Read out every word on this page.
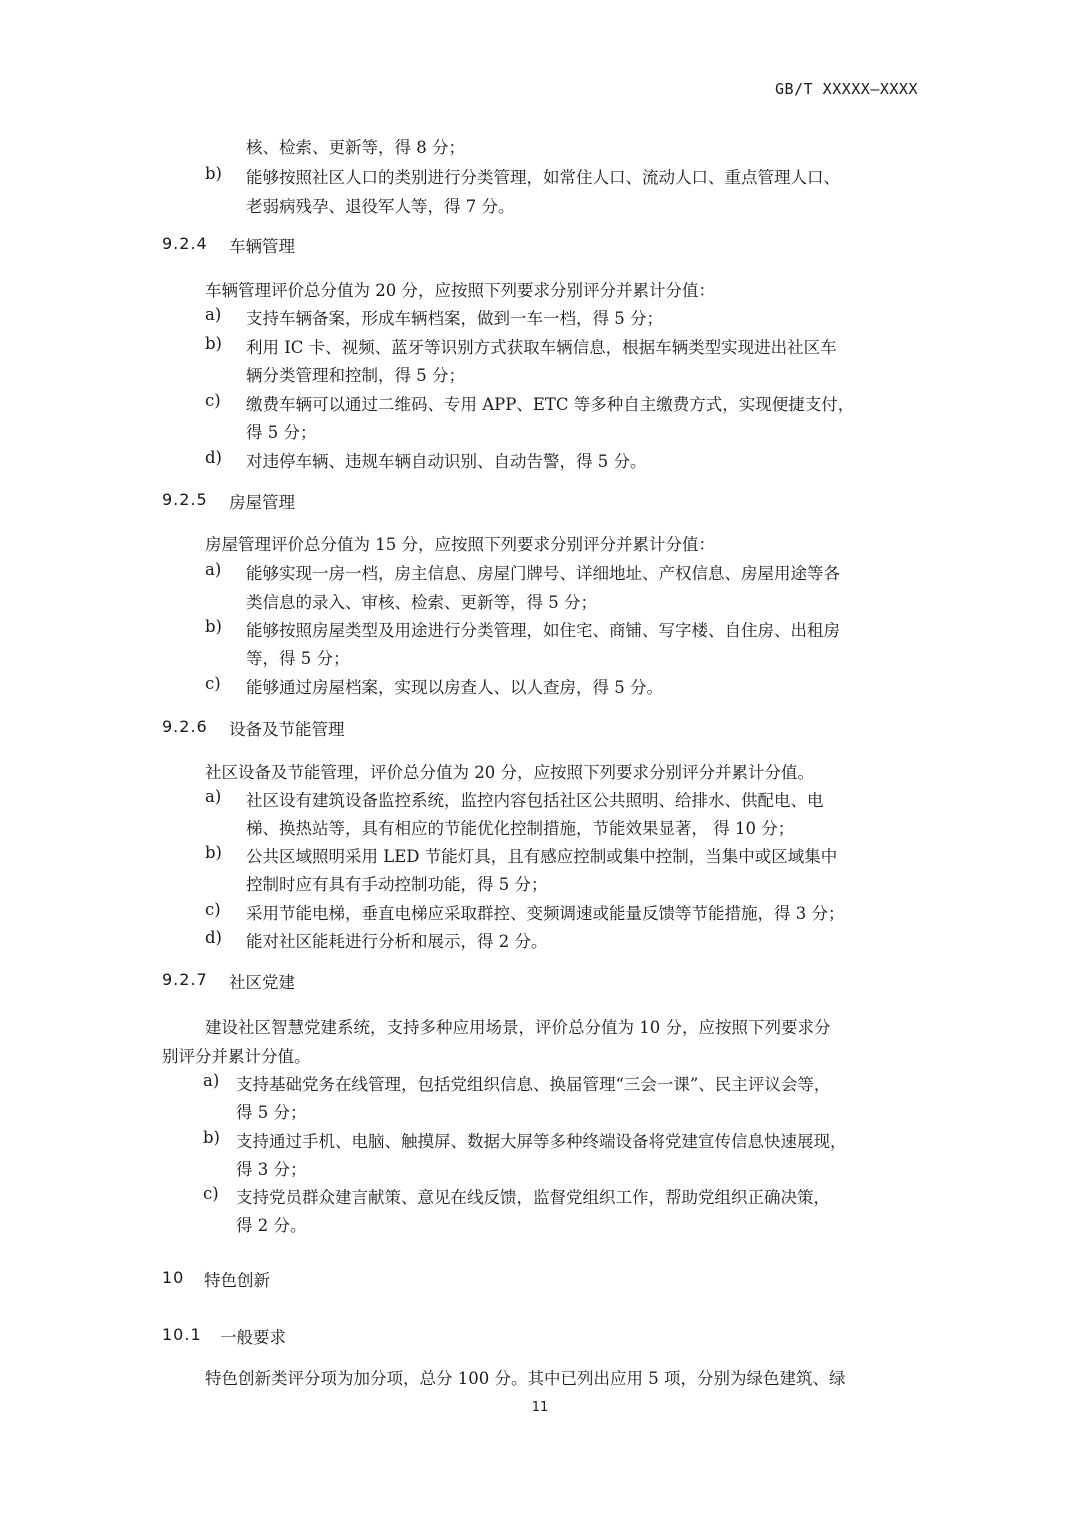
GB/T XXXXX—XXXX
核、检索、更新等，得 8 分；
b) 能够按照社区人口的类别进行分类管理，如常住人口、流动人口、重点管理人口、
老弱病残孕、退役军人等，得 7 分。
9.2.4 车辆管理
车辆管理评价总分值为 20 分，应按照下列要求分别评分并累计分值：
a) 支持车辆备案，形成车辆档案，做到一车一档，得 5 分；
b) 利用 IC 卡、视频、蓝牙等识别方式获取车辆信息，根据车辆类型实现进出社区车
辆分类管理和控制，得 5 分；
c) 缴费车辆可以通过二维码、专用 APP、ETC 等多种自主缴费方式，实现便捷支付，
得 5 分；
d) 对违停车辆、违规车辆自动识别、自动告警，得 5 分。
9.2.5 房屋管理
房屋管理评价总分值为 15 分，应按照下列要求分别评分并累计分值：
a) 能够实现一房一档，房主信息、房屋门牌号、详细地址、产权信息、房屋用途等各
类信息的录入、审核、检索、更新等，得 5 分；
b) 能够按照房屋类型及用途进行分类管理，如住宅、商铺、写字楼、自住房、出租房
等，得 5 分；
c) 能够通过房屋档案，实现以房查人、以人查房，得 5 分。
9.2.6 设备及节能管理
社区设备及节能管理，评价总分值为 20 分，应按照下列要求分别评分并累计分值。
a) 社区设有建筑设备监控系统，监控内容包括社区公共照明、给排水、供配电、电
梯、换热站等，具有相应的节能优化控制措施，节能效果显著， 得 10 分；
b) 公共区域照明采用 LED 节能灯具，且有感应控制或集中控制，当集中或区域集中
控制时应有具有手动控制功能，得 5 分；
c) 采用节能电梯，垂直电梯应采取群控、变频调速或能量反馈等节能措施，得 3 分；
d) 能对社区能耗进行分析和展示，得 2 分。
9.2.7 社区党建
建设社区智慧党建系统，支持多种应用场景，评价总分值为 10 分，应按照下列要求分
别评分并累计分值。
a) 支持基础党务在线管理，包括党组织信息、换届管理“三会一课”、民主评议会等，
得 5 分；
b) 支持通过手机、电脑、触摸屏、数据大屏等多种终端设备将党建宣传信息快速展现，
得 3 分；
c) 支持党员群众建言献策、意见在线反馈，监督党组织工作，帮助党组织正确决策，
得 2 分。
10 特色创新
10.1 一般要求
特色创新类评分项为加分项，总分 100 分。其中已列出应用 5 项，分别为绿色建筑、绿
11
